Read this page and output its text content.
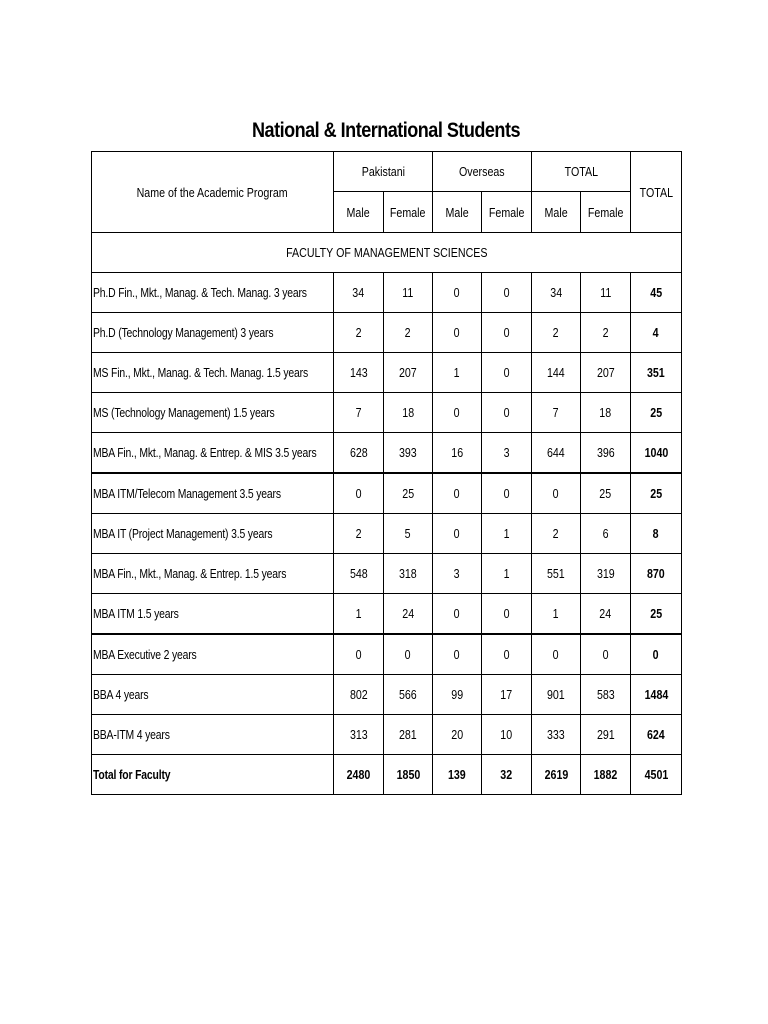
National & International Students
Name of the Academic Program	Pakistani		Overseas		TOTAL		TOTAL
	Male	Female	Male	Female	Male	Female	
FACULTY OF MANAGEMENT SCIENCES							
Ph.D Fin., Mkt., Manag. & Tech. Manag. 3 years	34	11	0	0	34	11	45
Ph.D (Technology Management) 3 years	2	2	0	0	2	2	4
MS Fin., Mkt., Manag. & Tech. Manag. 1.5 years	143	207	1	0	144	207	351
MS (Technology Management) 1.5 years	7	18	0	0	7	18	25
MBA Fin., Mkt., Manag. & Entrep. & MIS 3.5 years	628	393	16	3	644	396	1040
MBA ITM/Telecom Management 3.5 years	0	25	0	0	0	25	25
MBA IT (Project Management) 3.5 years	2	5	0	1	2	6	8
MBA Fin., Mkt., Manag. & Entrep. 1.5 years	548	318	3	1	551	319	870
MBA ITM 1.5 years	1	24	0	0	1	24	25
MBA Executive 2 years	0	0	0	0	0	0	0
BBA 4 years	802	566	99	17	901	583	1484
BBA-ITM 4 years	313	281	20	10	333	291	624
Total for Faculty	2480	1850	139	32	2619	1882	4501
